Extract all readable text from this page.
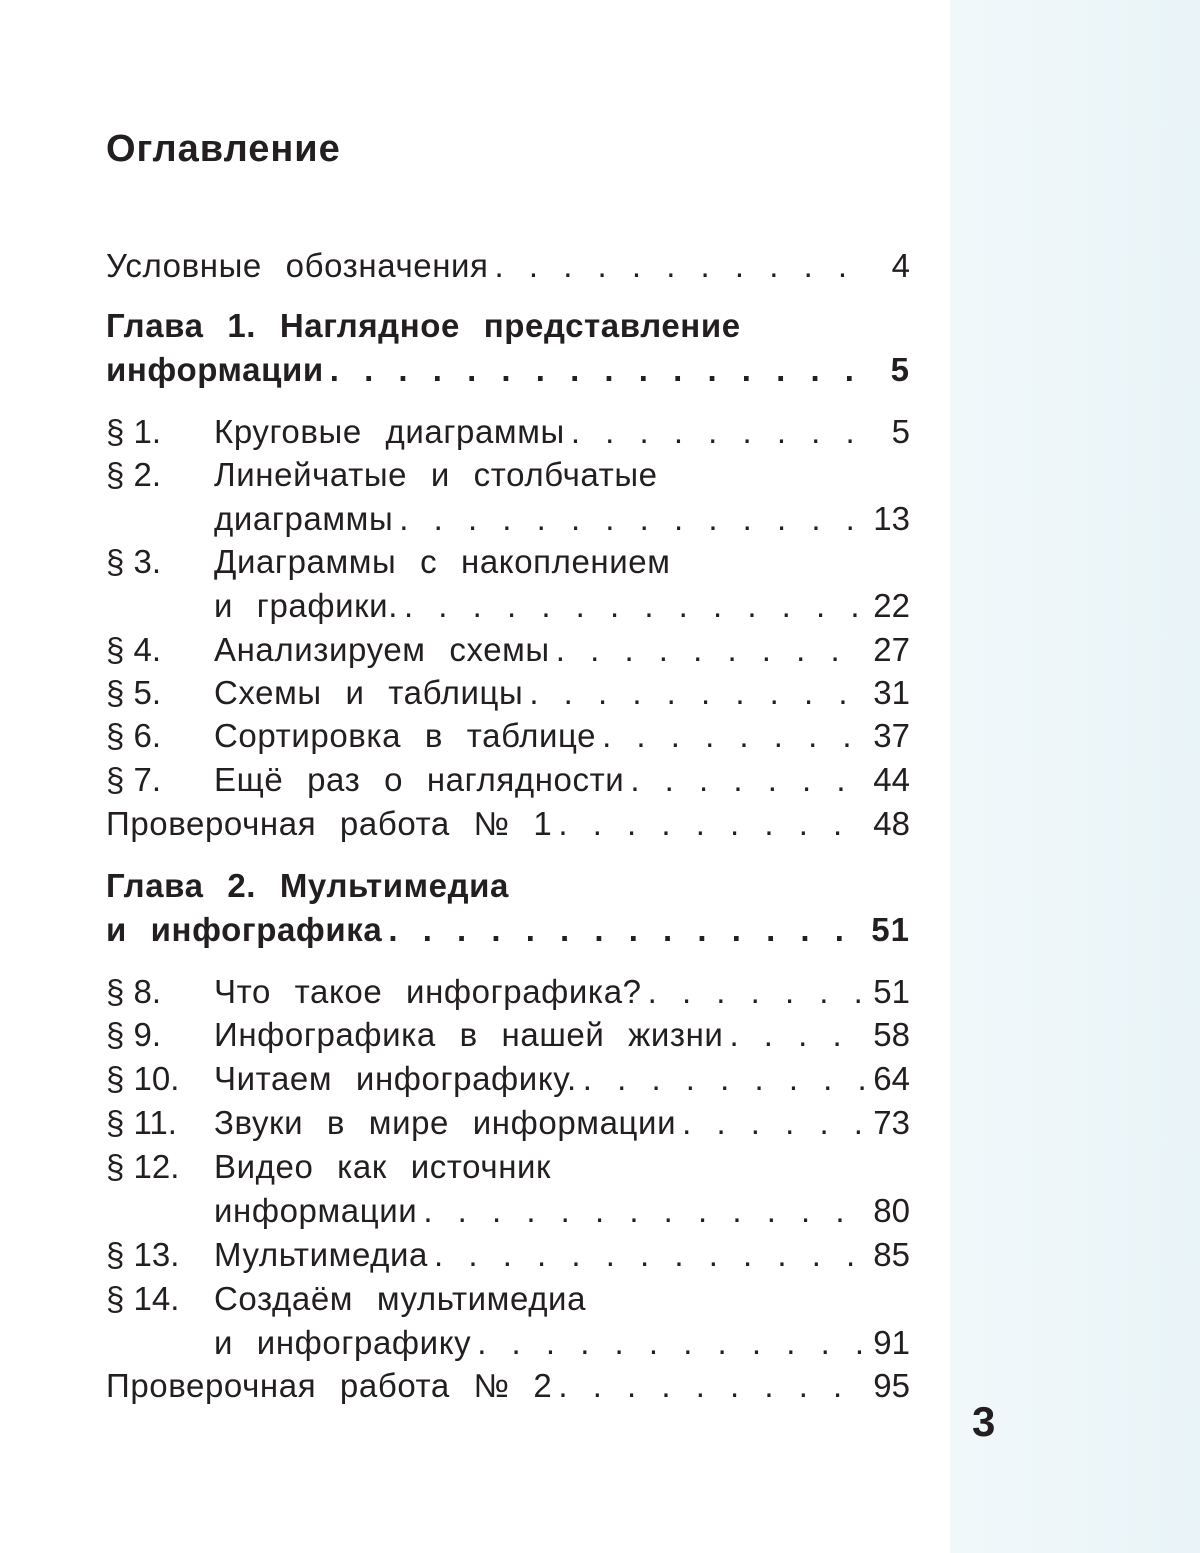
Оглавление
Условные обозначения . . .	4
Глава 1. Наглядное представление
информации . . .	5
§ 1.	Круговые диаграммы . . .	5
§ 2.	Линейчатые и столбчатые
диаграммы . . .	13
§ 3.	Диаграммы с накоплением
и графики. . . .	22
§ 4.	Анализируем схемы . . .	27
§ 5.	Схемы и таблицы . . .	31
§ 6.	Сортировка в таблице . . .	37
§ 7.	Ещё раз о наглядности . . .	44
Проверочная работа № 1 . . .	48
Глава 2. Мультимедиа
и инфографика . . .	51
§ 8.	Что такое инфографика? . . .	51
§ 9.	Инфографика в нашей жизни . . .	58
§ 10.	Читаем инфографику. . . .	64
§ 11.	Звуки в мире информации . . .	73
§ 12.	Видео как источник
информации . . .	80
§ 13.	Мультимедиа . . .	85
§ 14.	Создаём мультимедиа
и инфографику . . .	91
Проверочная работа № 2 . . .	95
3
